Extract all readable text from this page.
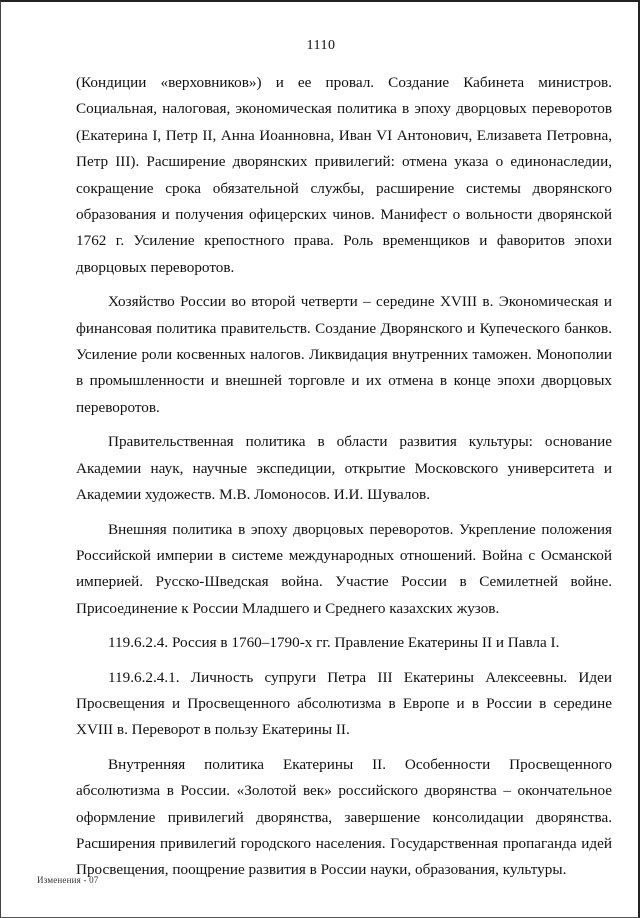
1110

(Кондиции «верховников») и ее провал. Создание Кабинета министров. Социальная, налоговая, экономическая политика в эпоху дворцовых переворотов (Екатерина I, Петр II, Анна Иоанновна, Иван VI Антонович, Елизавета Петровна, Петр III). Расширение дворянских привилегий: отмена указа о единонаследии, сокращение срока обязательной службы, расширение системы дворянского образования и получения офицерских чинов. Манифест о вольности дворянской 1762 г. Усиление крепостного права. Роль временщиков и фаворитов эпохи дворцовых переворотов.

Хозяйство России во второй четверти – середине XVIII в. Экономическая и финансовая политика правительств. Создание Дворянского и Купеческого банков. Усиление роли косвенных налогов. Ликвидация внутренних таможен. Монополии в промышленности и внешней торговле и их отмена в конце эпохи дворцовых переворотов.

Правительственная политика в области развития культуры: основание Академии наук, научные экспедиции, открытие Московского университета и Академии художеств. М.В. Ломоносов. И.И. Шувалов.

Внешняя политика в эпоху дворцовых переворотов. Укрепление положения Российской империи в системе международных отношений. Война с Османской империей. Русско-Шведская война. Участие России в Семилетней войне. Присоединение к России Младшего и Среднего казахских жузов.

119.6.2.4. Россия в 1760–1790-х гг. Правление Екатерины II и Павла I.

119.6.2.4.1. Личность супруги Петра III Екатерины Алексеевны. Идеи Просвещения и Просвещенного абсолютизма в Европе и в России в середине XVIII в. Переворот в пользу Екатерины II.

Внутренняя политика Екатерины II. Особенности Просвещенного абсолютизма в России. «Золотой век» российского дворянства – окончательное оформление привилегий дворянства, завершение консолидации дворянства. Расширения привилегий городского населения. Государственная пропаганда идей Просвещения, поощрение развития в России науки, образования, культуры.

Изменения - 07
